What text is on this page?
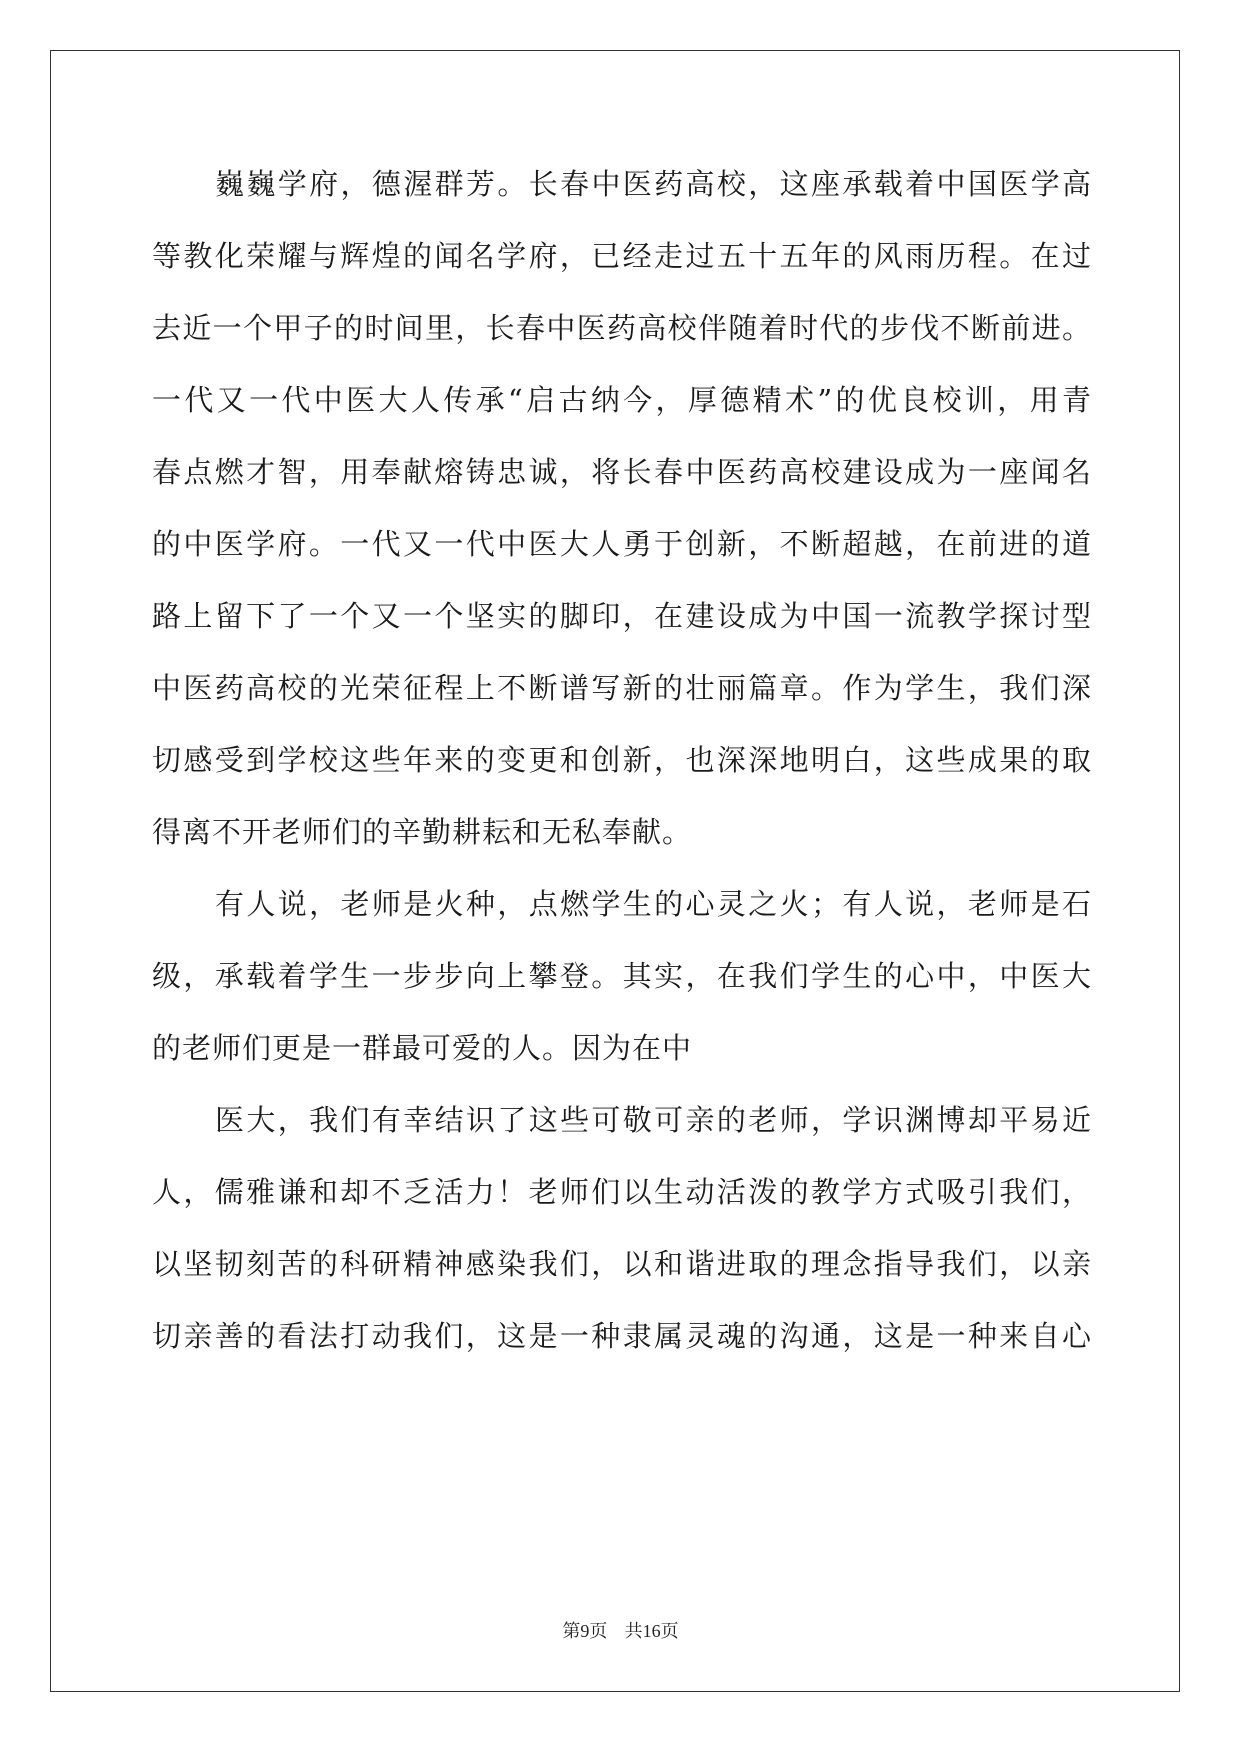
巍巍学府，德渥群芳。长春中医药高校，这座承载着中国医学高
等教化荣耀与辉煌的闻名学府，已经走过五十五年的风雨历程。在过
去近一个甲子的时间里，长春中医药高校伴随着时代的步伐不断前进。
一代又一代中医大人传承“启古纳今，厚德精术”的优良校训，用青
春点燃才智，用奉献熔铸忠诚，将长春中医药高校建设成为一座闻名
的中医学府。一代又一代中医大人勇于创新，不断超越，在前进的道
路上留下了一个又一个坚实的脚印，在建设成为中国一流教学探讨型
中医药高校的光荣征程上不断谱写新的壮丽篇章。作为学生，我们深
切感受到学校这些年来的变更和创新，也深深地明白，这些成果的取
得离不开老师们的辛勤耕耘和无私奉献。
有人说，老师是火种，点燃学生的心灵之火；有人说，老师是石
级，承载着学生一步步向上攀登。其实，在我们学生的心中，中医大
的老师们更是一群最可爱的人。因为在中
医大，我们有幸结识了这些可敬可亲的老师，学识渊博却平易近
人，儒雅谦和却不乏活力！老师们以生动活泼的教学方式吸引我们，
以坚韧刻苦的科研精神感染我们，以和谐进取的理念指导我们，以亲
切亲善的看法打动我们，这是一种隶属灵魂的沟通，这是一种来自心
第9页 共16页
